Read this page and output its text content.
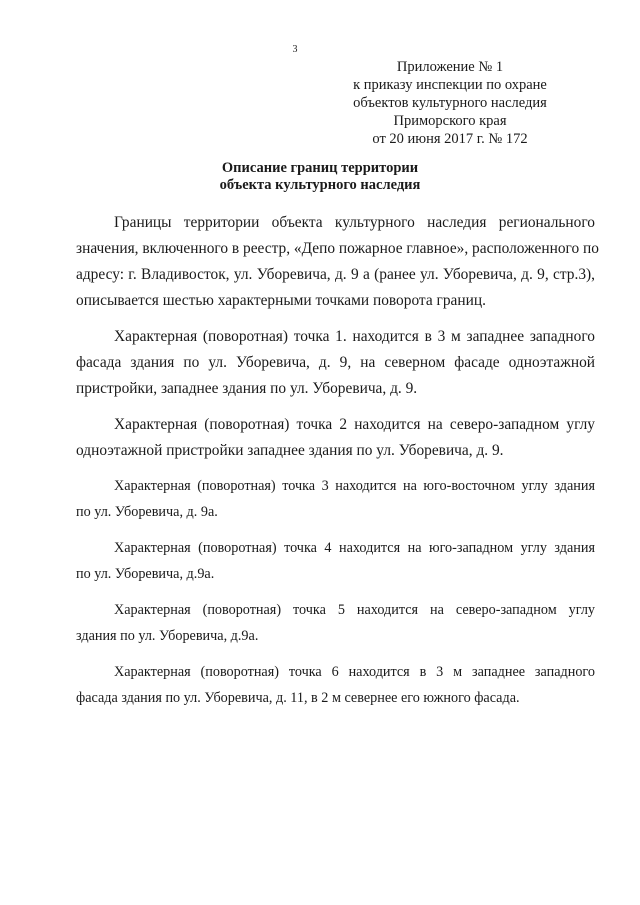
3
Приложение № 1
к приказу инспекции по охране
объектов культурного наследия
Приморского края
от 20 июня 2017 г. № 172
Описание границ территории
объекта культурного наследия

Границы территории объекта культурного наследия регионального
значения, включенного в реестр, «Депо пожарное главное», расположенного по
адресу: г. Владивосток, ул. Уборевича, д. 9 а (ранее ул. Уборевича, д. 9, стр.3),
описывается шестью характерными точками поворота границ.

Характерная (поворотная) точка 1. находится в 3 м западнее западного
фасада здания по ул. Уборевича, д. 9, на северном фасаде одноэтажной
пристройки, западнее здания по ул. Уборевича, д. 9.

Характерная (поворотная) точка 2 находится на северо-западном углу
одноэтажной пристройки западнее здания по ул. Уборевича, д. 9.

Характерная (поворотная) точка 3 находится на юго-восточном углу здания
по ул. Уборевича, д. 9а.

Характерная (поворотная) точка 4 находится на юго-западном углу здания
по ул. Уборевича, д.9а.

Характерная (поворотная) точка 5 находится на северо-западном углу
здания по ул. Уборевича, д.9а.

Характерная (поворотная) точка 6 находится в 3 м западнее западного
фасада здания по ул. Уборевича, д. 11, в 2 м севернее его южного фасада.
